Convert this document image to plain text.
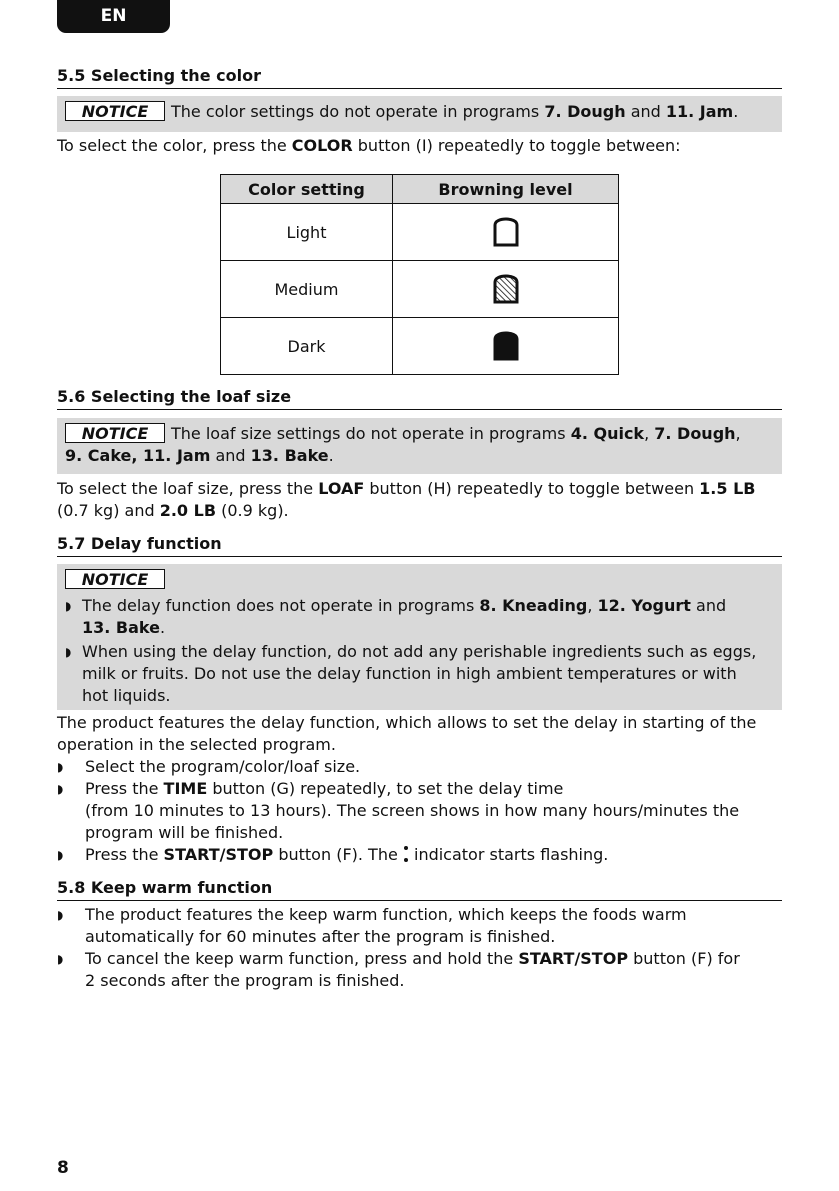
EN
5.5 Selecting the color
NOTICE The color settings do not operate in programs 7. Dough and 11. Jam.

To select the color, press the COLOR button (I) repeatedly to toggle between:

Color setting	Browning level
Light	
Medium	
Dark	
5.6 Selecting the loaf size
NOTICE The loaf size settings do not operate in programs 4. Quick, 7. Dough,
9. Cake, 11. Jam and 13. Bake.

To select the loaf size, press the LOAF button (H) repeatedly to toggle between 1.5 LB
(0.7 kg) and 2.0 LB (0.9 kg).

5.7 Delay function
NOTICE
◗ The delay function does not operate in programs 8. Kneading, 12. Yogurt and
13. Bake.
◗ When using the delay function, do not add any perishable ingredients such as eggs,
milk or fruits. Do not use the delay function in high ambient temperatures or with
hot liquids.

The product features the delay function, which allows to set the delay in starting of the
operation in the selected program.

◗ Select the program/color/loaf size.
◗ Press the TIME button (G) repeatedly, to set the delay time
(from 10 minutes to 13 hours). The screen shows in how many hours/minutes the
program will be finished.
◗ Press the START/STOP button (F). The  indicator starts flashing.
5.8 Keep warm function
◗ The product features the keep warm function, which keeps the foods warm
automatically for 60 minutes after the program is finished.
◗ To cancel the keep warm function, press and hold the START/STOP button (F) for
2 seconds after the program is finished.
8
